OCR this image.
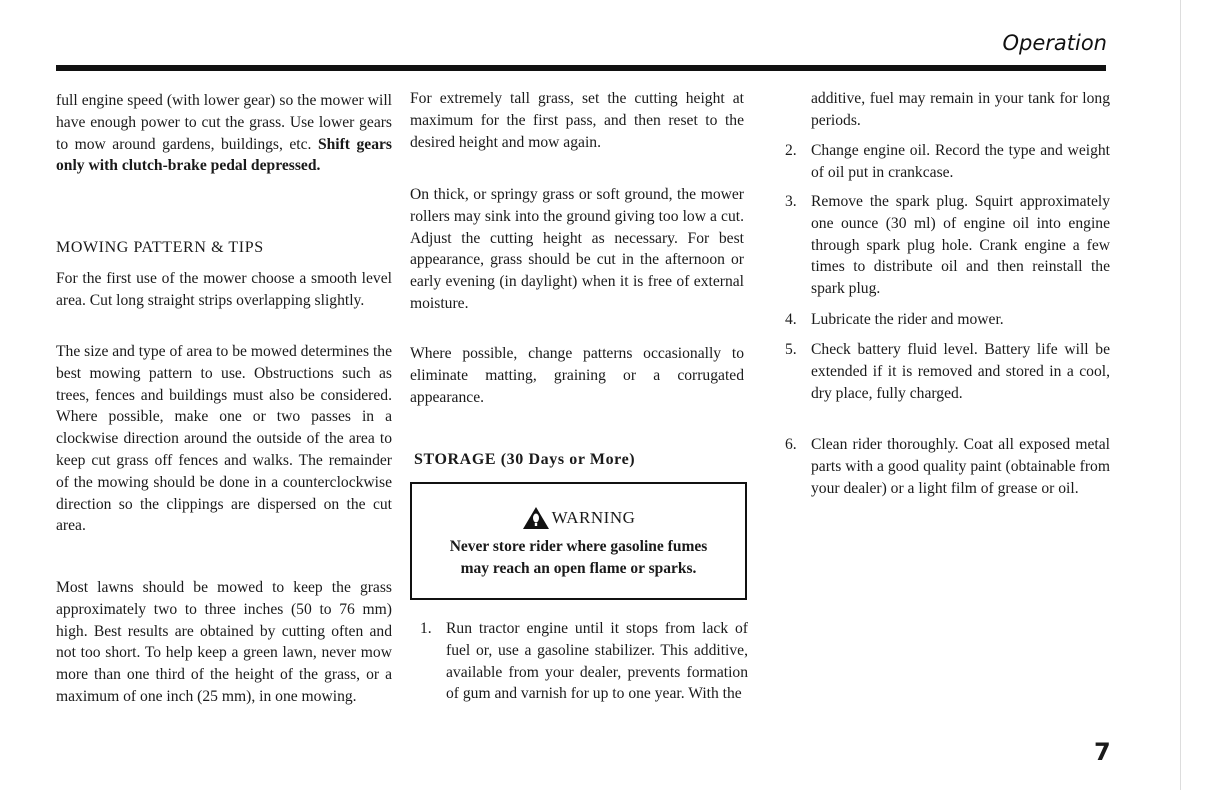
Operation

full engine speed (with lower gear) so the mower will have enough power to cut the grass. Use lower gears to mow around gardens, buildings, etc. Shift gears only with clutch-brake pedal depressed.

MOWING PATTERN & TIPS

For the first use of the mower choose a smooth level area. Cut long straight strips overlapping slightly.

The size and type of area to be mowed determines the best mowing pattern to use. Obstructions such as trees, fences and buildings must also be considered. Where possible, make one or two passes in a clockwise direction around the outside of the area to keep cut grass off fences and walks. The remainder of the mowing should be done in a counterclockwise direction so the clippings are dispersed on the cut area.

Most lawns should be mowed to keep the grass approximately two to three inches (50 to 76 mm) high. Best results are obtained by cutting often and not too short. To help keep a green lawn, never mow more than one third of the height of the grass, or a maximum of one inch (25 mm), in one mowing.

For extremely tall grass, set the cutting height at maximum for the first pass, and then reset to the desired height and mow again.

On thick, or springy grass or soft ground, the mower rollers may sink into the ground giving too low a cut. Adjust the cutting height as necessary. For best appearance, grass should be cut in the afternoon or early evening (in daylight) when it is free of external moisture.

Where possible, change patterns occasionally to eliminate matting, graining or a corrugated appearance.

STORAGE (30 Days or More)
WARNING
Never store rider where gasoline fumes may reach an open flame or sparks.
1. Run tractor engine until it stops from lack of fuel or, use a gasoline stabilizer. This additive, available from your dealer, prevents formation of gum and varnish for up to one year. With the
additive, fuel may remain in your tank for long periods.
2. Change engine oil. Record the type and weight of oil put in crankcase.
3. Remove the spark plug. Squirt approximately one ounce (30 ml) of engine oil into engine through spark plug hole. Crank engine a few times to distribute oil and then reinstall the spark plug.
4. Lubricate the rider and mower.
5. Check battery fluid level. Battery life will be extended if it is removed and stored in a cool, dry place, fully charged.
6. Clean rider thoroughly. Coat all exposed metal parts with a good quality paint (obtainable from your dealer) or a light film of grease or oil.
7
